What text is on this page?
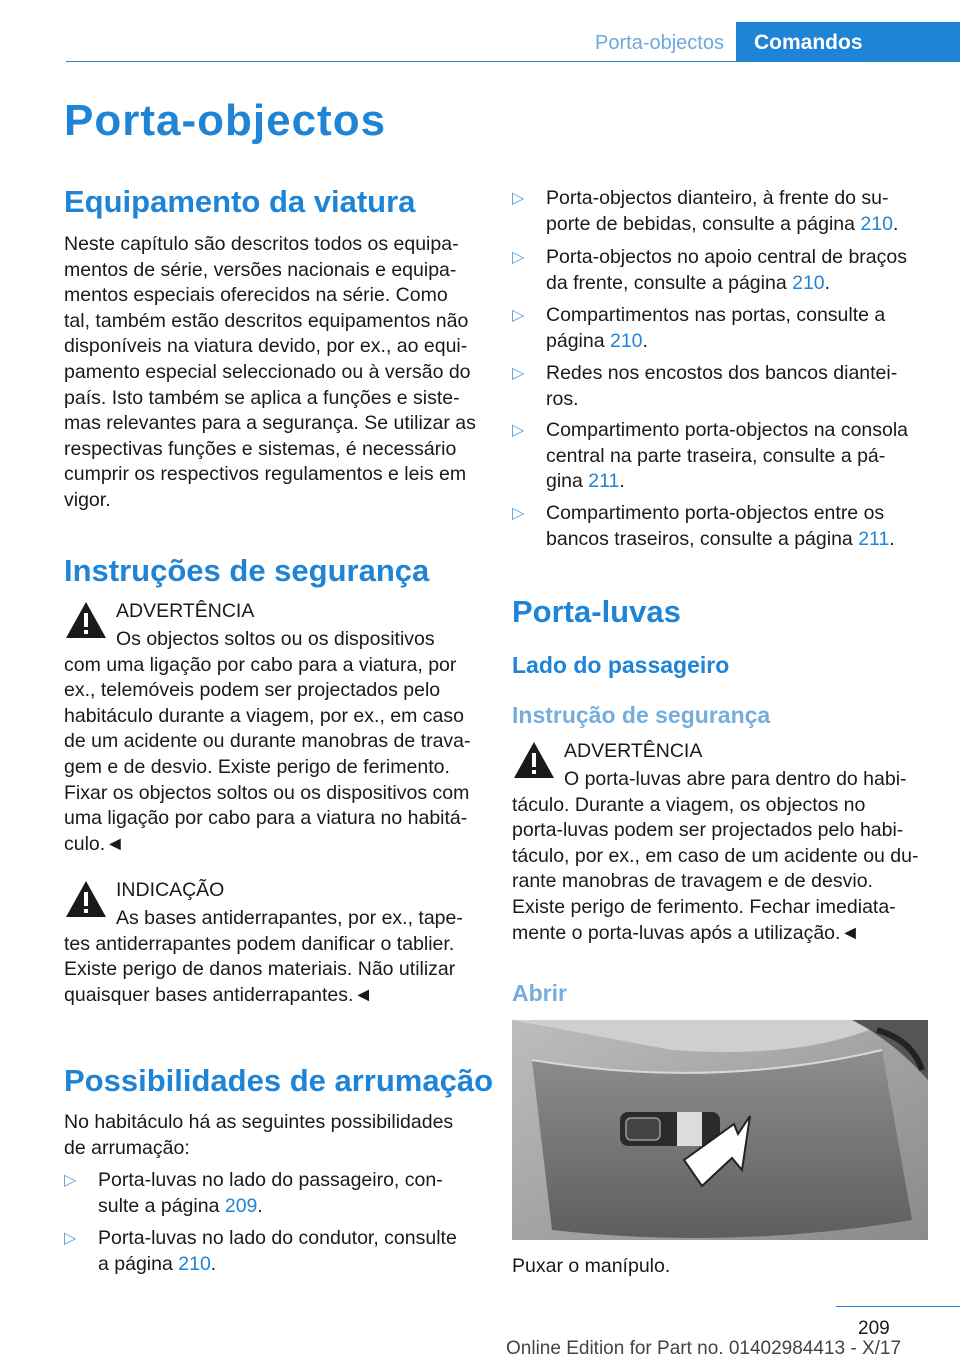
Porta-objectos	Comandos
Porta-objectos
Equipamento da viatura
Neste capítulo são descritos todos os equipa‐
mentos de série, versões nacionais e equipa‐
mentos especiais oferecidos na série. Como
tal, também estão descritos equipamentos não
disponíveis na viatura devido, por ex., ao equi‐
pamento especial seleccionado ou à versão do
país. Isto também se aplica a funções e siste‐
mas relevantes para a segurança. Se utilizar as
respectivas funções e sistemas, é necessário
cumprir os respectivos regulamentos e leis em
vigor.
Instruções de segurança
ADVERTÊNCIA
Os objectos soltos ou os dispositivos
com uma ligação por cabo para a viatura, por
ex., telemóveis podem ser projectados pelo
habitáculo durante a viagem, por ex., em caso
de um acidente ou durante manobras de trava‐
gem e de desvio. Existe perigo de ferimento.
Fixar os objectos soltos ou os dispositivos com
uma ligação por cabo para a viatura no habitá‐
culo.◄
INDICAÇÃO
As bases antiderrapantes, por ex., tape‐
tes antiderrapantes podem danificar o tablier.
Existe perigo de danos materiais. Não utilizar
quaisquer bases antiderrapantes.◄
Possibilidades de arrumação
No habitáculo há as seguintes possibilidades
de arrumação:
▷ Porta-luvas no lado do passageiro, con‐
sulte a página 209.
▷ Porta-luvas no lado do condutor, consulte
a página 210.
▷ Porta-objectos dianteiro, à frente do su‐
porte de bebidas, consulte a página 210.
▷ Porta-objectos no apoio central de braços
da frente, consulte a página 210.
▷ Compartimentos nas portas, consulte a
página 210.
▷ Redes nos encostos dos bancos diantei‐
ros.
▷ Compartimento porta-objectos na consola
central na parte traseira, consulte a pá‐
gina 211.
▷ Compartimento porta-objectos entre os
bancos traseiros, consulte a página 211.
Porta-luvas
Lado do passageiro
Instrução de segurança
ADVERTÊNCIA
O porta-luvas abre para dentro do habi‐
táculo. Durante a viagem, os objectos no
porta-luvas podem ser projectados pelo habi‐
táculo, por ex., em caso de um acidente ou du‐
rante manobras de travagem e de desvio.
Existe perigo de ferimento. Fechar imediata‐
mente o porta-luvas após a utilização.◄
Abrir
Puxar o manípulo.
209
Online Edition for Part no. 01402984413 - X/17
